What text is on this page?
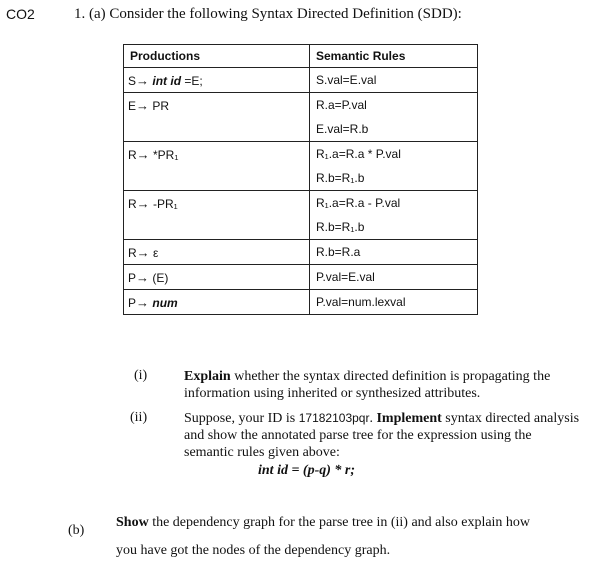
CO2	1. (a) Consider the following Syntax Directed Definition (SDD):
Productions	Semantic Rules
S→ int id =E;	S.val=E.val
E→ PR	R.a=P.val
	E.val=R.b
R→ *PR₁	R₁.a=R.a * P.val
	R.b=R₁.b
R→ -PR₁	R₁.a=R.a - P.val
	R.b=R₁.b
R→ ε	R.b=R.a
P→ (E)	P.val=E.val
P→ num	P.val=num.lexval
(i)	Explain whether the syntax directed definition is propagating the information using inherited or synthesized attributes.
(ii)	Suppose, your ID is 17182103pqr. Implement syntax directed analysis and show the annotated parse tree for the expression using the semantic rules given above:
int id = (p-q) * r;
(b)
Show the dependency graph for the parse tree in (ii) and also explain how
you have got the nodes of the dependency graph.
